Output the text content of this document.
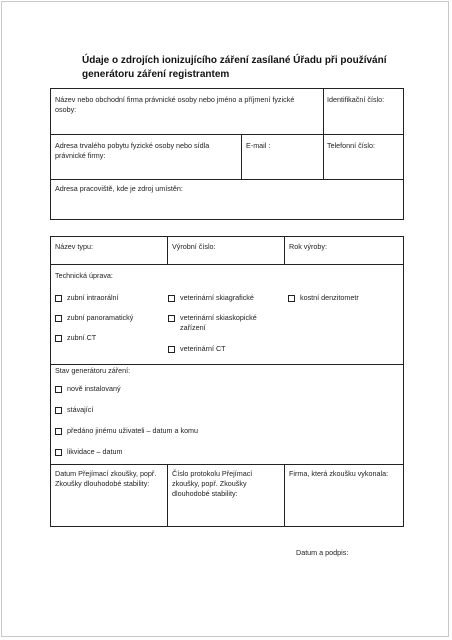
Údaje o zdrojích ionizujícího záření zasílané Úřadu při používání
generátoru záření registrantem
Název nebo obchodní firma právnické osoby nebo jméno a příjmení fyzické osoby:
Identifikační číslo:
Adresa trvalého pobytu fyzické osoby nebo sídla právnické firmy:
E-mail :	Telefonní číslo:
Adresa pracoviště, kde je zdroj umístěn:
Název typu:	Výrobní číslo:	Rok výroby:
Technická úprava:
zubní intraorální
zubní panoramatický
zubní CT
veterinární skiagrafické
veterinární skiaskopické zařízení
veterinární CT
kostní denzitometr
Stav generátoru záření:
nově instalovaný
stávající
předáno jinému uživateli – datum a komu
likvidace – datum
Datum Přejímací zkoušky, popř. Zkoušky dlouhodobé stability:
Číslo protokolu Přejímací zkoušky, popř. Zkoušky dlouhodobé stability:
Firma, která zkoušku vykonala:
Datum a podpis:
